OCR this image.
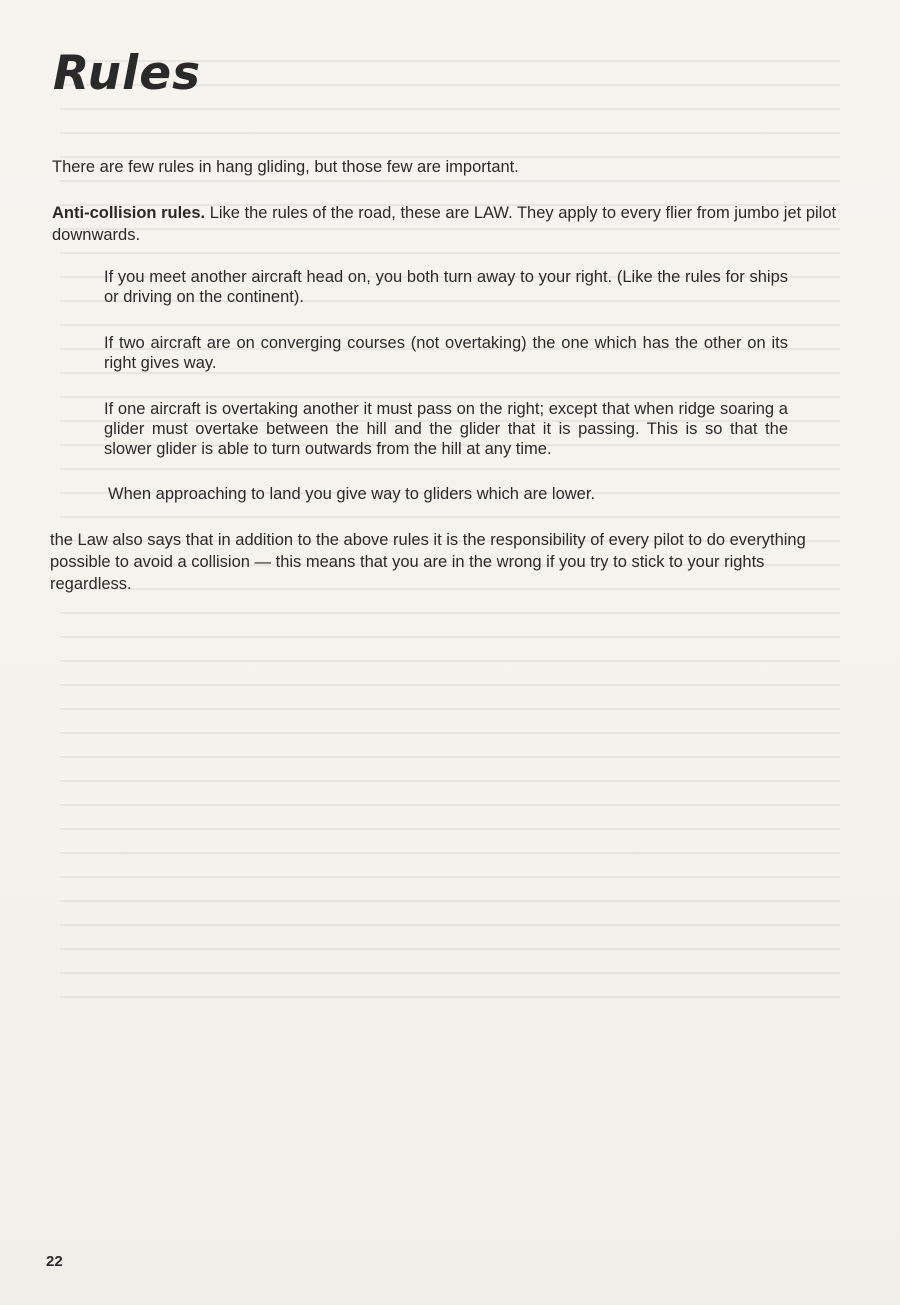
Rules

There are few rules in hang gliding, but those few are important.

Anti-collision rules. Like the rules of the road, these are LAW. They apply to every flier from jumbo jet pilot downwards.

If you meet another aircraft head on, you both turn away to your right. (Like the rules for ships or driving on the continent).

If two aircraft are on converging courses (not overtaking) the one which has the other on its right gives way.

If one aircraft is overtaking another it must pass on the right; except that when ridge soaring a glider must overtake between the hill and the glider that it is passing. This is so that the slower glider is able to turn outwards from the hill at any time.

When approaching to land you give way to gliders which are lower.

the Law also says that in addition to the above rules it is the responsibility of every pilot to do everything possible to avoid a collision — this means that you are in the wrong if you try to stick to your rights regardless.

22
